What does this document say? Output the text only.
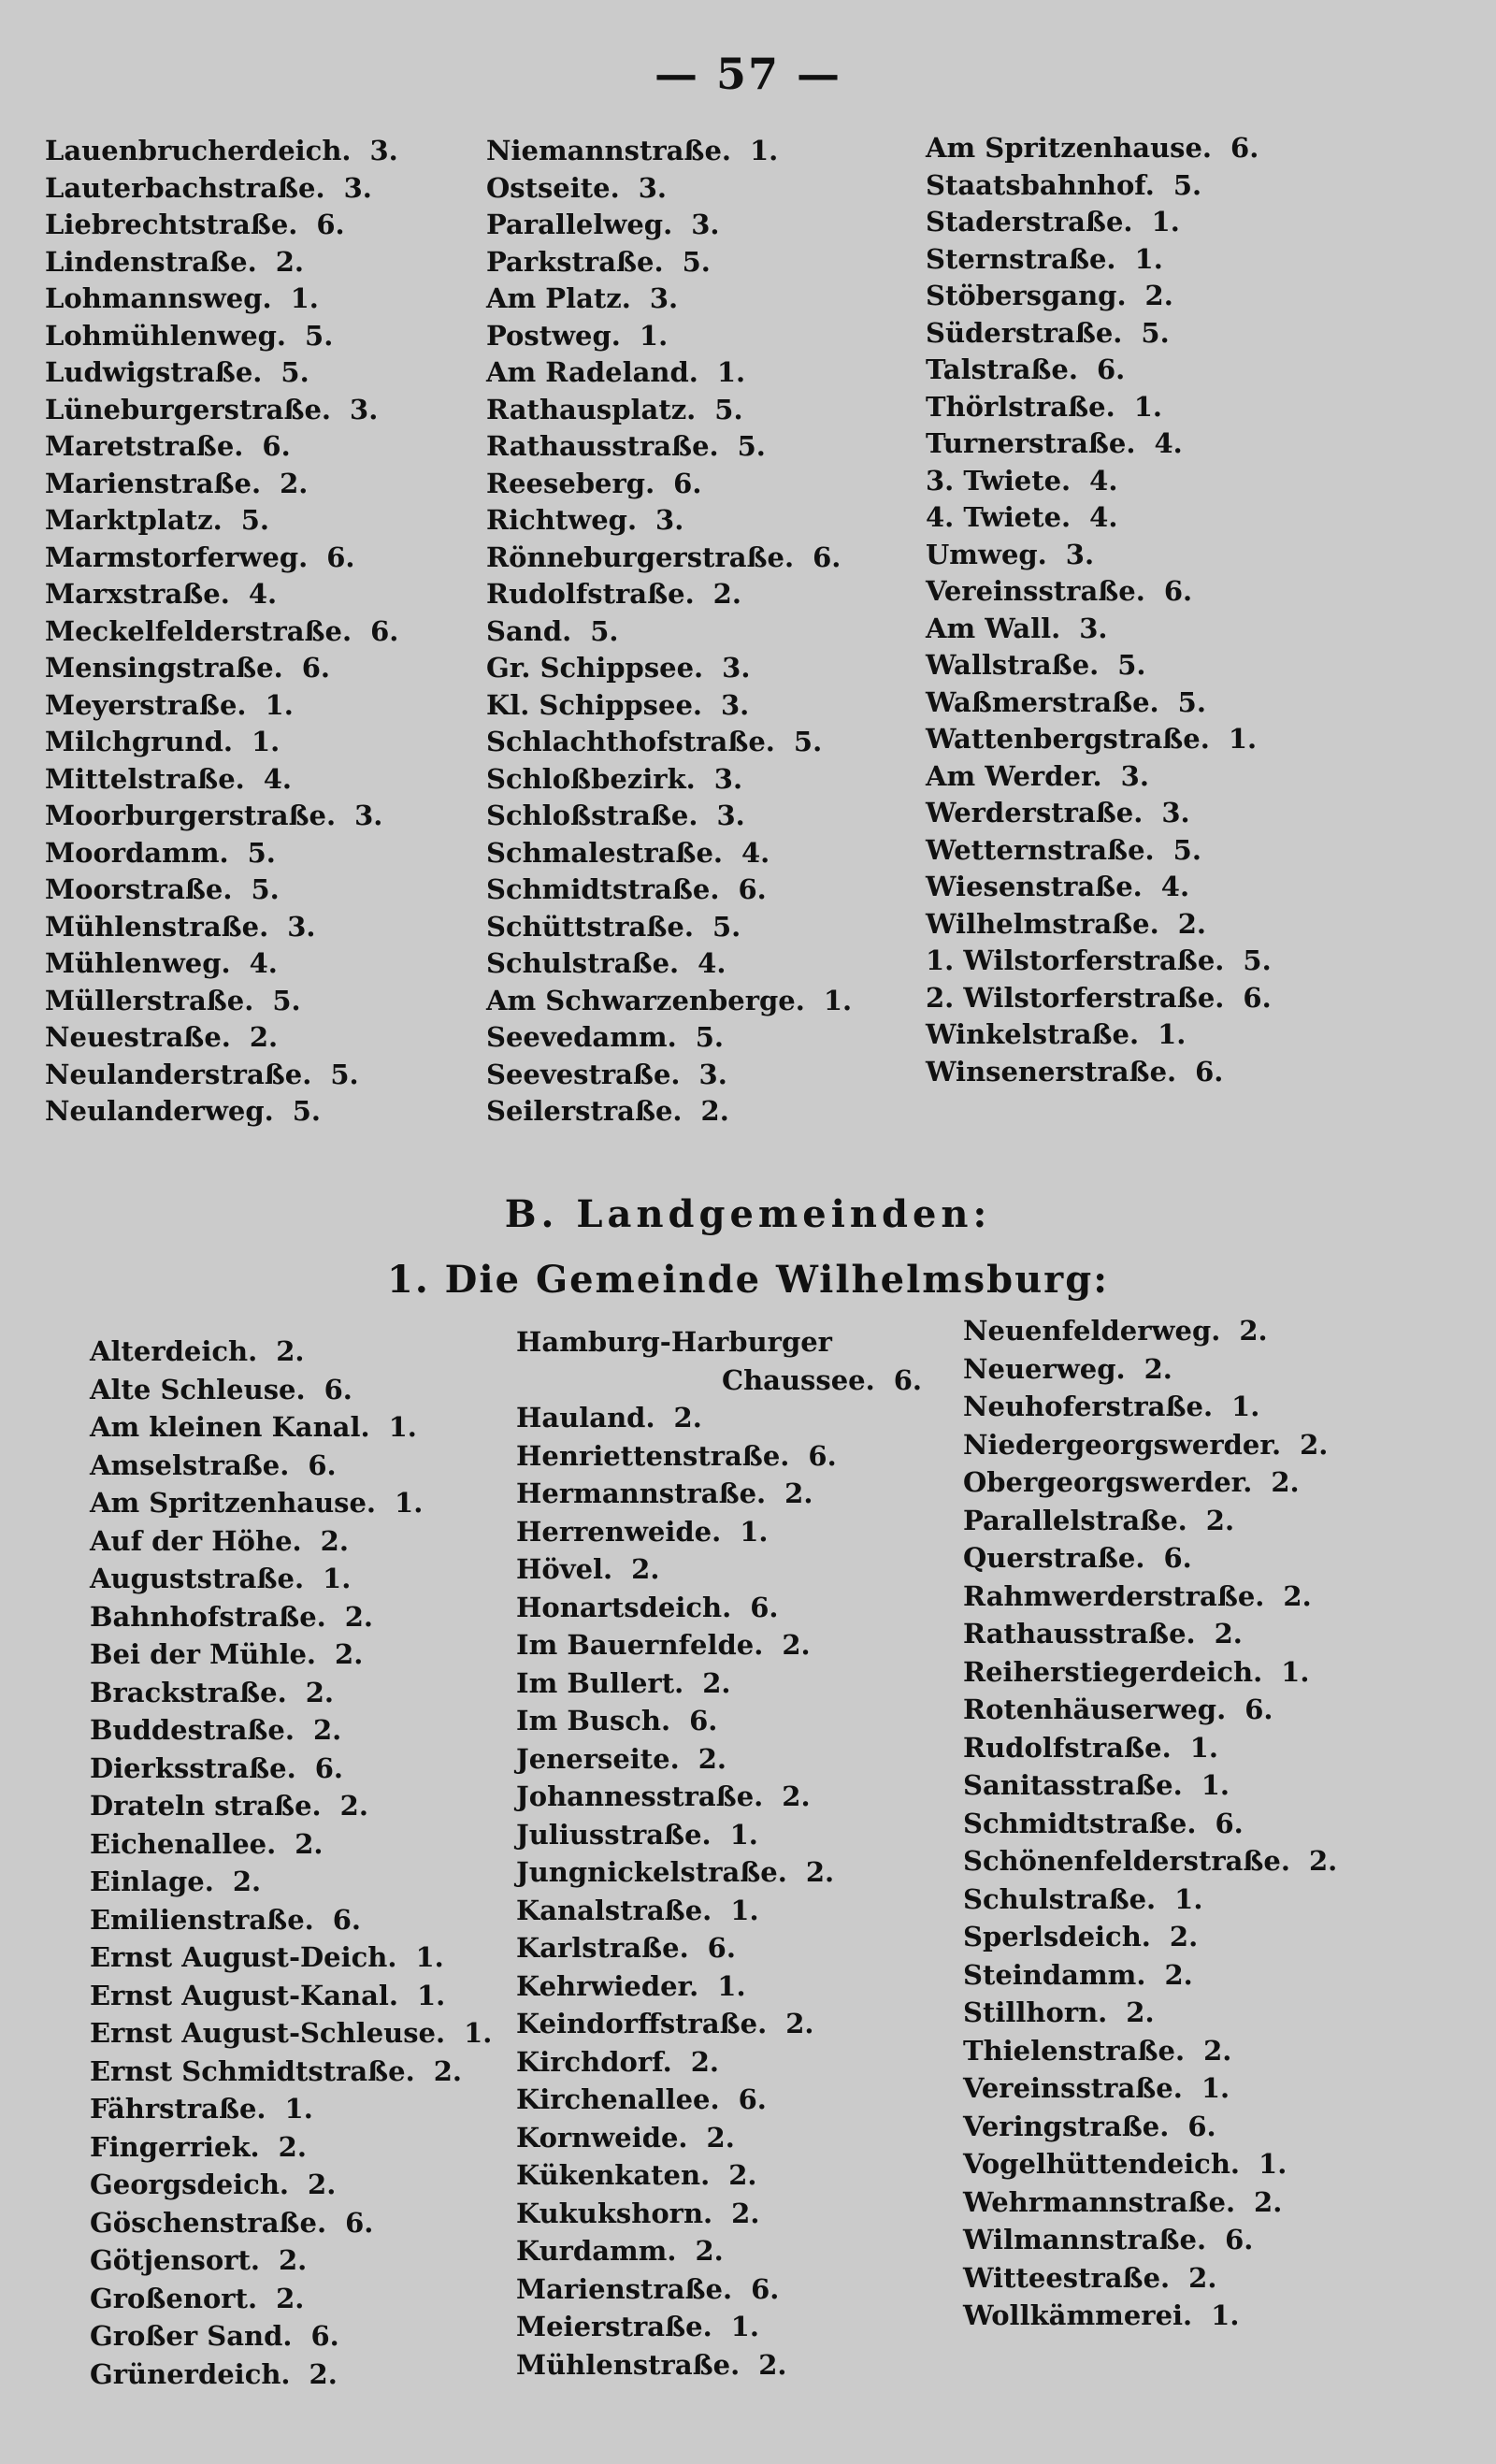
— 57 —
Lauenbrucherdeich. 3.
Lauterbachstraße. 3.
Liebrechtstraße. 6.
Lindenstraße. 2.
Lohmannsweg. 1.
Lohmühlenweg. 5.
Ludwigstraße. 5.
Lüneburgerstraße. 3.
Maretstraße. 6.
Marienstraße. 2.
Marktplatz. 5.
Marmstorferweg. 6.
Marxstraße. 4.
Meckelfelderstraße. 6.
Mensingstraße. 6.
Meyerstraße. 1.
Milchgrund. 1.
Mittelstraße. 4.
Moorburgerstraße. 3.
Moordamm. 5.
Moorstraße. 5.
Mühlenstraße. 3.
Mühlenweg. 4.
Müllerstraße. 5.
Neuestraße. 2.
Neulanderstraße. 5.
Neulanderweg. 5.
Niemannstraße. 1.
Ostseite. 3.
Parallelweg. 3.
Parkstraße. 5.
Am Platz. 3.
Postweg. 1.
Am Radeland. 1.
Rathausplatz. 5.
Rathausstraße. 5.
Reeseberg. 6.
Richtweg. 3.
Rönneburgerstraße. 6.
Rudolfstraße. 2.
Sand. 5.
Gr. Schippsee. 3.
Kl. Schippsee. 3.
Schlachthofstraße. 5.
Schloßbezirk. 3.
Schloßstraße. 3.
Schmalestraße. 4.
Schmidtstraße. 6.
Schüttstraße. 5.
Schulstraße. 4.
Am Schwarzenberge. 1.
Seevedamm. 5.
Seevestraße. 3.
Seilerstraße. 2.
Am Spritzenhause. 6.
Staatsbahnhof. 5.
Staderstraße. 1.
Sternstraße. 1.
Stöbersgang. 2.
Süderstraße. 5.
Talstraße. 6.
Thörlstraße. 1.
Turnerstraße. 4.
3. Twiete. 4.
4. Twiete. 4.
Umweg. 3.
Vereinsstraße. 6.
Am Wall. 3.
Wallstraße. 5.
Waßmerstraße. 5.
Wattenbergstraße. 1.
Am Werder. 3.
Werderstraße. 3.
Wetternstraße. 5.
Wiesenstraße. 4.
Wilhelmstraße. 2.
1. Wilstorferstraße. 5.
2. Wilstorferstraße. 6.
Winkelstraße. 1.
Winsenerstraße. 6.
B. Landgemeinden:
1. Die Gemeinde Wilhelmsburg:
Alterdeich. 2.
Alte Schleuse. 6.
Am kleinen Kanal. 1.
Amselstraße. 6.
Am Spritzenhause. 1.
Auf der Höhe. 2.
Auguststraße. 1.
Bahnhofstraße. 2.
Bei der Mühle. 2.
Brackstraße. 2.
Buddestraße. 2.
Dierksstraße. 6.
Drateln straße. 2.
Eichenallee. 2.
Einlage. 2.
Emilienstraße. 6.
Ernst August-Deich. 1.
Ernst August-Kanal. 1.
Ernst August-Schleuse. 1.
Ernst Schmidtstraße. 2.
Fährstraße. 1.
Fingerriek. 2.
Georgsdeich. 2.
Göschenstraße. 6.
Götjensort. 2.
Großenort. 2.
Großer Sand. 6.
Grünerdeich. 2.
Hamburg-Harburger
Chaussee. 6.
Hauland. 2.
Henriettenstraße. 6.
Hermannstraße. 2.
Herrenweide. 1.
Hövel. 2.
Honartsdeich. 6.
Im Bauernfelde. 2.
Im Bullert. 2.
Im Busch. 6.
Jenerseite. 2.
Johannesstraße. 2.
Juliusstraße. 1.
Jungnickelstraße. 2.
Kanalstraße. 1.
Karlstraße. 6.
Kehrwieder. 1.
Keindorffstraße. 2.
Kirchdorf. 2.
Kirchenallee. 6.
Kornweide. 2.
Kükenkaten. 2.
Kukukshorn. 2.
Kurdamm. 2.
Marienstraße. 6.
Meierstraße. 1.
Mühlenstraße. 2.
Neuenfelderweg. 2.
Neuerweg. 2.
Neuhoferstraße. 1.
Niedergeorgswerder. 2.
Obergeorgswerder. 2.
Parallelstraße. 2.
Querstraße. 6.
Rahmwerderstraße. 2.
Rathausstraße. 2.
Reiherstiegerdeich. 1.
Rotenhäuserweg. 6.
Rudolfstraße. 1.
Sanitasstraße. 1.
Schmidtstraße. 6.
Schönenfelderstraße. 2.
Schulstraße. 1.
Sperlsdeich. 2.
Steindamm. 2.
Stillhorn. 2.
Thielenstraße. 2.
Vereinsstraße. 1.
Veringstraße. 6.
Vogelhüttendeich. 1.
Wehrmannstraße. 2.
Wilmannstraße. 6.
Witteestraße. 2.
Wollkämmerei. 1.
